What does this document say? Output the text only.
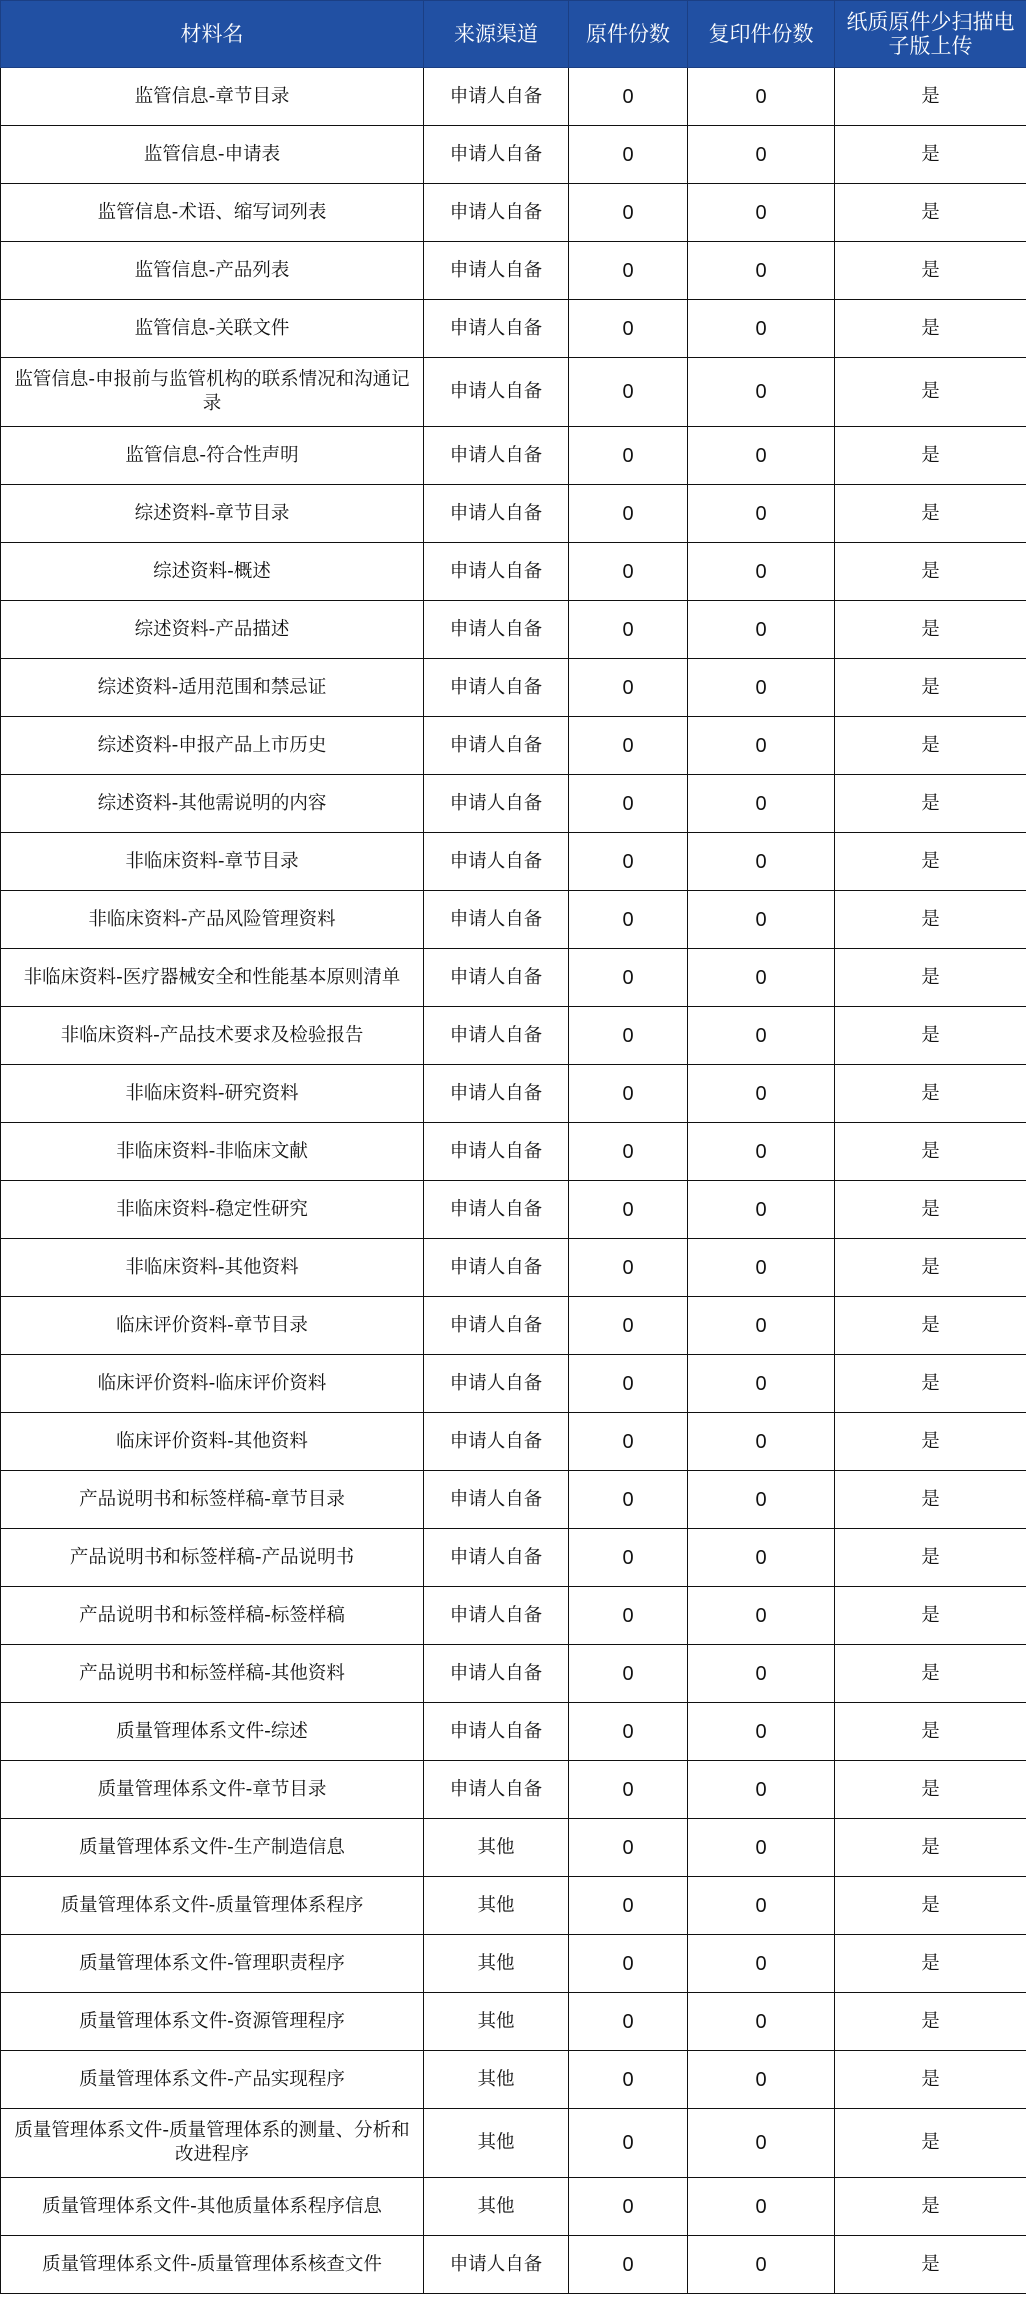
材料名	来源渠道	原件份数	复印件份数	纸质原件少扫描电子版上传
监管信息-章节目录	申请人自备	0	0	是
监管信息-申请表	申请人自备	0	0	是
监管信息-术语、缩写词列表	申请人自备	0	0	是
监管信息-产品列表	申请人自备	0	0	是
监管信息-关联文件	申请人自备	0	0	是
监管信息-申报前与监管机构的联系情况和沟通记录	申请人自备	0	0	是
监管信息-符合性声明	申请人自备	0	0	是
综述资料-章节目录	申请人自备	0	0	是
综述资料-概述	申请人自备	0	0	是
综述资料-产品描述	申请人自备	0	0	是
综述资料-适用范围和禁忌证	申请人自备	0	0	是
综述资料-申报产品上市历史	申请人自备	0	0	是
综述资料-其他需说明的内容	申请人自备	0	0	是
非临床资料-章节目录	申请人自备	0	0	是
非临床资料-产品风险管理资料	申请人自备	0	0	是
非临床资料-医疗器械安全和性能基本原则清单	申请人自备	0	0	是
非临床资料-产品技术要求及检验报告	申请人自备	0	0	是
非临床资料-研究资料	申请人自备	0	0	是
非临床资料-非临床文献	申请人自备	0	0	是
非临床资料-稳定性研究	申请人自备	0	0	是
非临床资料-其他资料	申请人自备	0	0	是
临床评价资料-章节目录	申请人自备	0	0	是
临床评价资料-临床评价资料	申请人自备	0	0	是
临床评价资料-其他资料	申请人自备	0	0	是
产品说明书和标签样稿-章节目录	申请人自备	0	0	是
产品说明书和标签样稿-产品说明书	申请人自备	0	0	是
产品说明书和标签样稿-标签样稿	申请人自备	0	0	是
产品说明书和标签样稿-其他资料	申请人自备	0	0	是
质量管理体系文件-综述	申请人自备	0	0	是
质量管理体系文件-章节目录	申请人自备	0	0	是
质量管理体系文件-生产制造信息	其他	0	0	是
质量管理体系文件-质量管理体系程序	其他	0	0	是
质量管理体系文件-管理职责程序	其他	0	0	是
质量管理体系文件-资源管理程序	其他	0	0	是
质量管理体系文件-产品实现程序	其他	0	0	是
质量管理体系文件-质量管理体系的测量、分析和改进程序	其他	0	0	是
质量管理体系文件-其他质量体系程序信息	其他	0	0	是
质量管理体系文件-质量管理体系核查文件	申请人自备	0	0	是
